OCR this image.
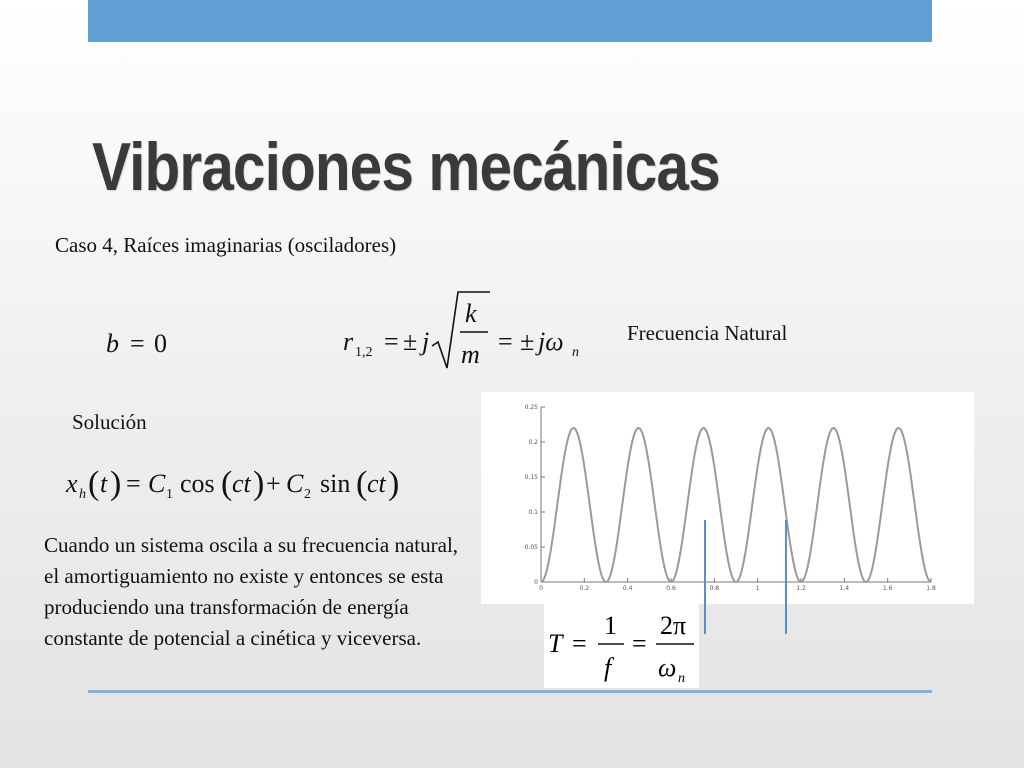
Vibraciones mecánicas
Caso 4, Raíces imaginarias (osciladores)
b = 0	r 1,2 = ± j
k
m = ± jω n
Frecuencia Natural
Solución
x h ( t ) = C 1 cos ( ct ) + C 2 sin ( ct )

Cuando un sistema oscila a su frecuencia natural, el amortiguamiento no existe y entonces se esta produciendo una transformación de energía constante de potencial a cinética y viceversa.

0	0.2	0.4	0.6	0.8	1	1.2	1.4	1.6	1.8
0
0.05
0.1
0.15
0.2
0.25
T =
1
f
=
2π
ω n
